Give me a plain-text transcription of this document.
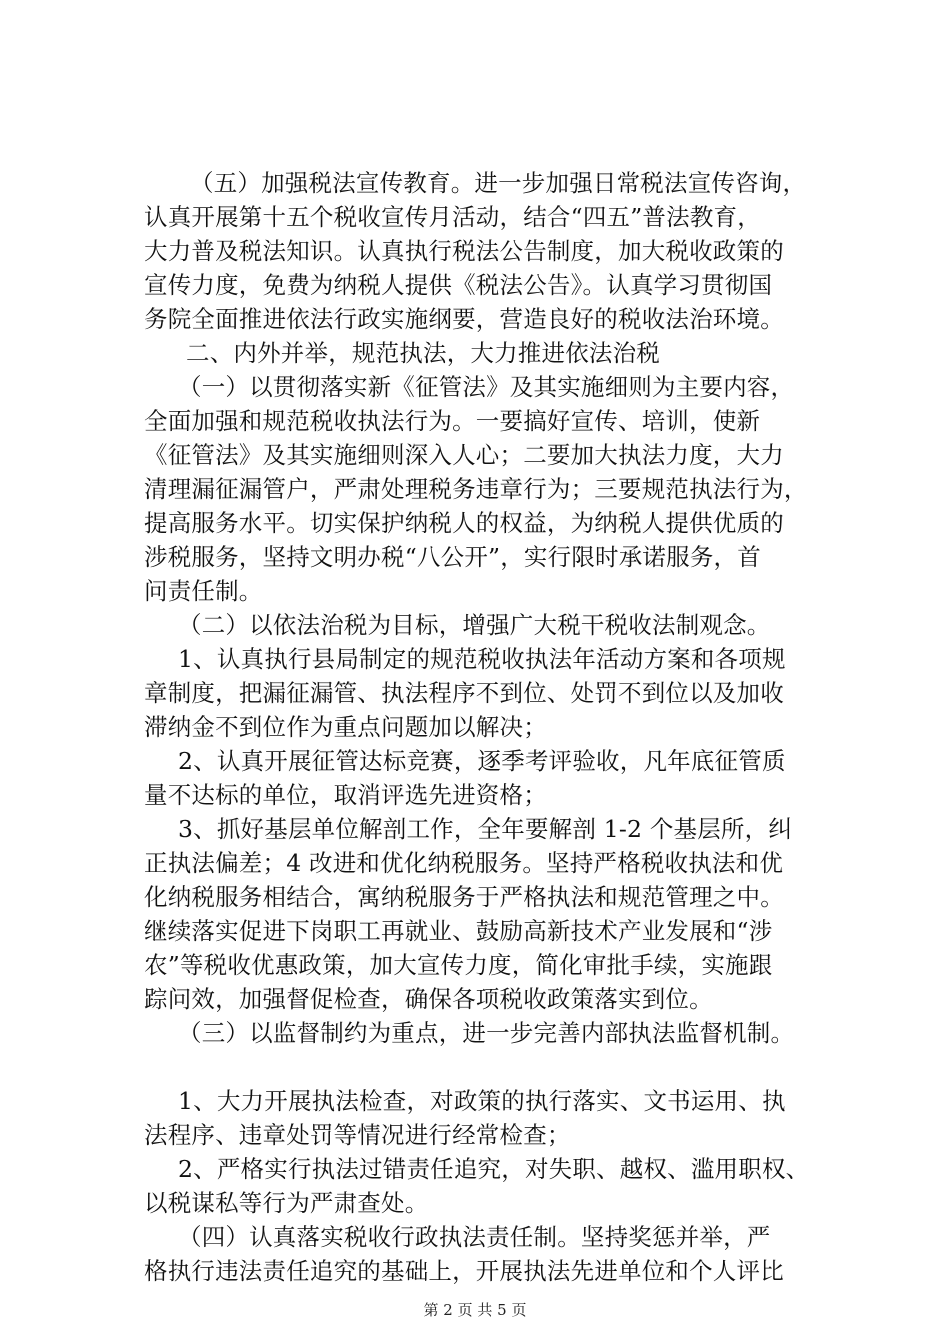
（五）加强税法宣传教育。进一步加强日常税法宣传咨询，
认真开展第十五个税收宣传月活动，结合“四五”普法教育，
大力普及税法知识。认真执行税法公告制度，加大税收政策的
宣传力度，免费为纳税人提供《税法公告》。认真学习贯彻国
务院全面推进依法行政实施纲要，营造良好的税收法治环境。
二、内外并举，规范执法，大力推进依法治税
（一）以贯彻落实新《征管法》及其实施细则为主要内容，
全面加强和规范税收执法行为。一要搞好宣传、培训，使新
《征管法》及其实施细则深入人心；二要加大执法力度，大力
清理漏征漏管户，严肃处理税务违章行为；三要规范执法行为，
提高服务水平。切实保护纳税人的权益，为纳税人提供优质的
涉税服务，坚持文明办税“八公开”，实行限时承诺服务，首
问责任制。
（二）以依法治税为目标，增强广大税干税收法制观念。
1、认真执行县局制定的规范税收执法年活动方案和各项规
章制度，把漏征漏管、执法程序不到位、处罚不到位以及加收
滞纳金不到位作为重点问题加以解决；
2、认真开展征管达标竞赛，逐季考评验收，凡年底征管质
量不达标的单位，取消评选先进资格；
3、抓好基层单位解剖工作，全年要解剖 1-2 个基层所，纠
正执法偏差；4 改进和优化纳税服务。坚持严格税收执法和优
化纳税服务相结合，寓纳税服务于严格执法和规范管理之中。
继续落实促进下岗职工再就业、鼓励高新技术产业发展和“涉
农”等税收优惠政策，加大宣传力度，简化审批手续，实施跟
踪问效，加强督促检查，确保各项税收政策落实到位。
（三）以监督制约为重点，进一步完善内部执法监督机制。
1、大力开展执法检查，对政策的执行落实、文书运用、执
法程序、违章处罚等情况进行经常检查；
2、严格实行执法过错责任追究，对失职、越权、滥用职权、
以税谋私等行为严肃查处。
（四）认真落实税收行政执法责任制。坚持奖惩并举，严
格执行违法责任追究的基础上，开展执法先进单位和个人评比
第 2 页 共 5 页
